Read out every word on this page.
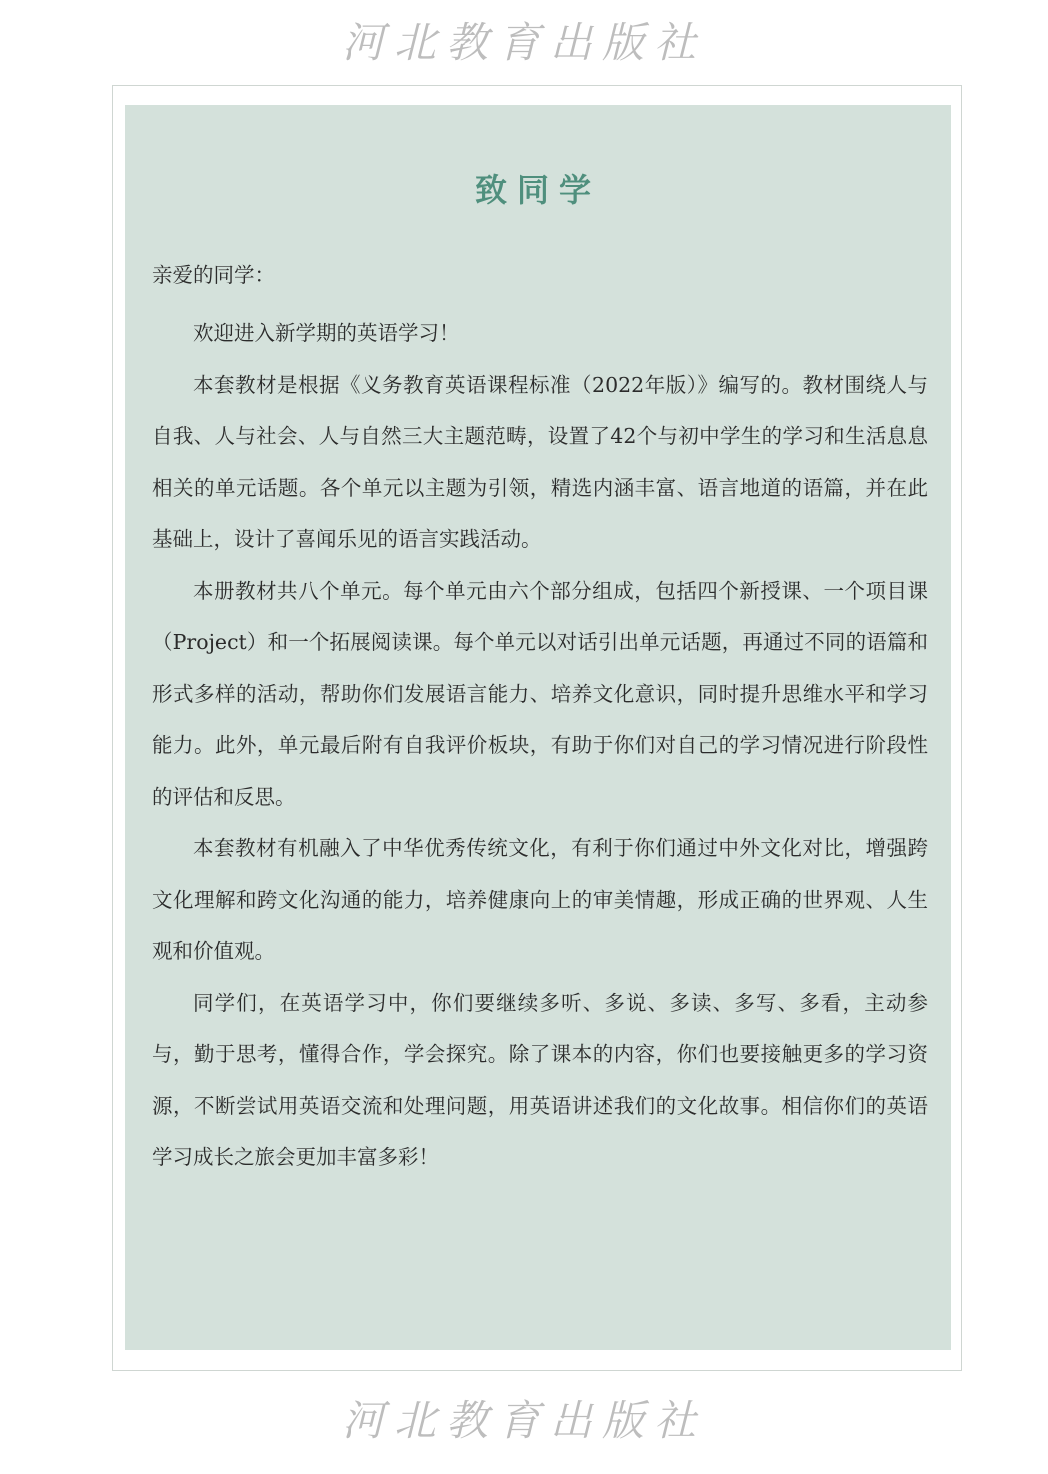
河北教育出版社
致同学

亲爱的同学：

欢迎进入新学期的英语学习！

本套教材是根据《义务教育英语课程标准（2022年版）》编写的。教材围绕人与自我、人与社会、人与自然三大主题范畴，设置了42个与初中学生的学习和生活息息相关的单元话题。各个单元以主题为引领，精选内涵丰富、语言地道的语篇，并在此基础上，设计了喜闻乐见的语言实践活动。

本册教材共八个单元。每个单元由六个部分组成，包括四个新授课、一个项目课（Project）和一个拓展阅读课。每个单元以对话引出单元话题，再通过不同的语篇和形式多样的活动，帮助你们发展语言能力、培养文化意识，同时提升思维水平和学习能力。此外，单元最后附有自我评价板块，有助于你们对自己的学习情况进行阶段性的评估和反思。

本套教材有机融入了中华优秀传统文化，有利于你们通过中外文化对比，增强跨文化理解和跨文化沟通的能力，培养健康向上的审美情趣，形成正确的世界观、人生观和价值观。

同学们，在英语学习中，你们要继续多听、多说、多读、多写、多看，主动参与，勤于思考，懂得合作，学会探究。除了课本的内容，你们也要接触更多的学习资源，不断尝试用英语交流和处理问题，用英语讲述我们的文化故事。相信你们的英语学习成长之旅会更加丰富多彩！

河北教育出版社
